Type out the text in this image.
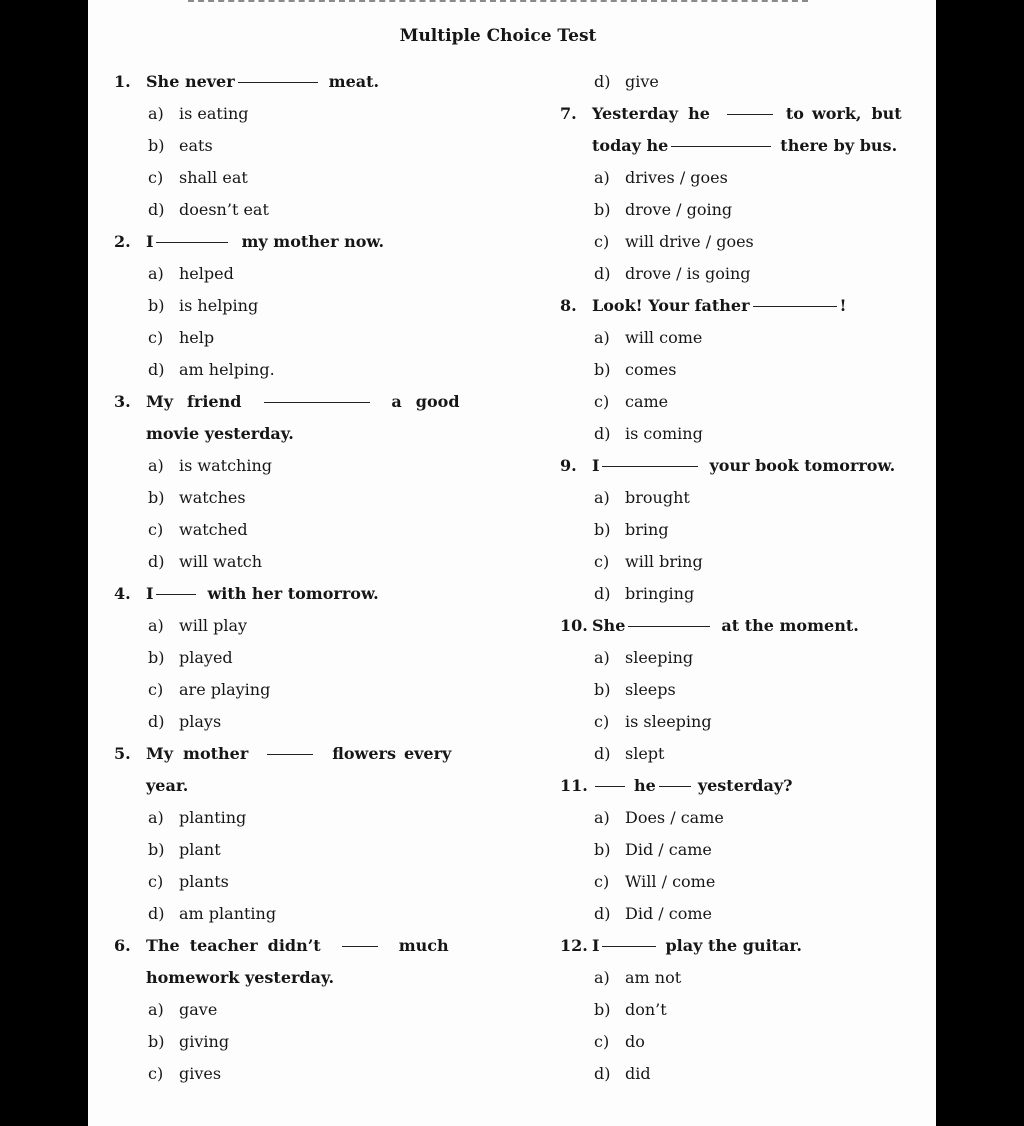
Multiple Choice Test
1. She never	meat.
a) is eating
b) eats
c) shall eat
d) doesn’t eat
2. I	my mother now.
a) helped
b) is helping
c) help
d) am helping.
3. My friend	a good
movie yesterday.
a) is watching
b) watches
c) watched
d) will watch
4. I	with her tomorrow.
a) will play
b) played
c) are playing
d) plays
5. My mother	flowers every
year.
a) planting
b) plant
c) plants
d) am planting
6. The teacher didn’t	much
homework yesterday.
a) gave
b) giving
c) gives
d) give
7. Yesterday he	to work, but
today he	there by bus.
a) drives / goes
b) drove / going
c) will drive / goes
d) drove / is going
8. Look! Your father	!
a) will come
b) comes
c) came
d) is coming
9. I	your book tomorrow.
a) brought
b) bring
c) will bring
d) bringing
10. She	at the moment.
a) sleeping
b) sleeps
c) is sleeping
d) slept
11.	he	yesterday?
a) Does / came
b) Did / came
c) Will / come
d) Did / come
12. I	play the guitar.
a) am not
b) don’t
c) do
d) did
